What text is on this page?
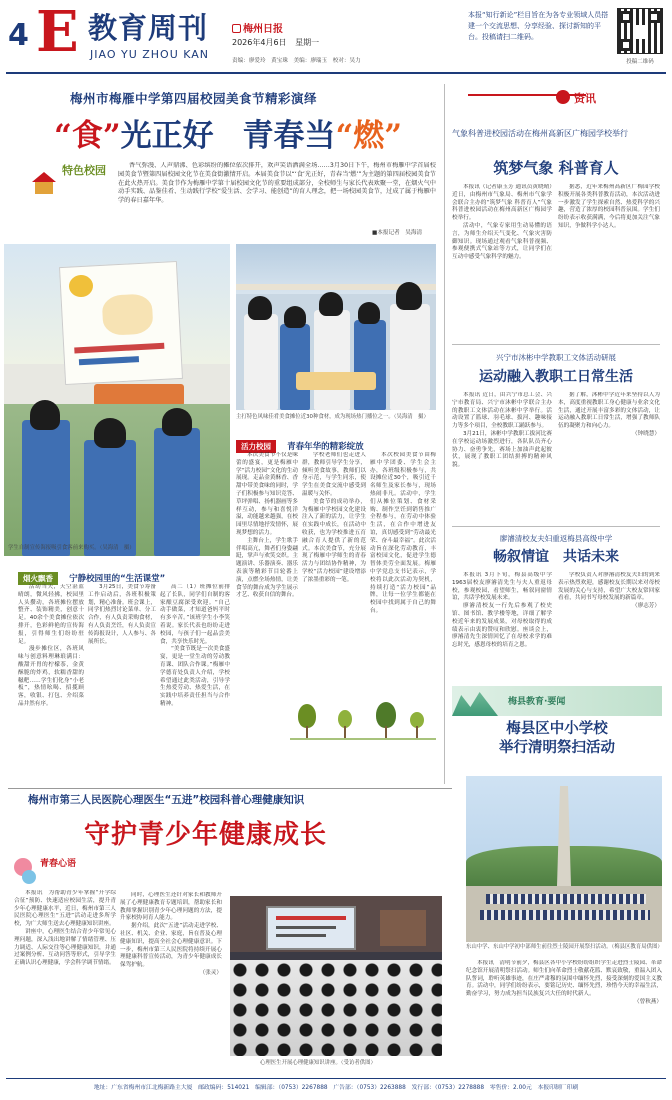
4 E 教育周刊
JIAO YU ZHOU KAN
梅州日报
2026年4月6日 星期一
责编：廖爱玲　黄宝珠　美编：廖瑞玉　校对：吴力
本报“知行新论”栏目旨在为各专业领域人员搭建一个交流思想、分享经验、探讨新知的平台。投稿请扫二维码。
投稿二维码
梅州市梅雁中学第四届校园美食节精彩演绎
“食”光正好 青春当“燃”
特色校园	香气弥漫、人声鼎沸、色彩缤纷的摊位依次排开，欢声笑语洒满全场……3月30日下午，梅州市梅雁中学首届校园美食节暨第四届校园文化节在美食街激情开启。本届美食节以“‘食’光正好，青春当‘燃’”为主题的第四届校园美食节在此火热开启。美食节作为梅雁中学第十届校园文化节的重要组成部分，全校师生与家长代表欢聚一堂，在烟火气中动手实践、品鉴佳肴、生动践行学校“爱生活、会学习、能创造”的育人理念，把一场校园美食节，过成了属于梅雁中学的春日嘉年华。

■本报记者　吴海清
学生自制宣传海报吸引食客前来购买。（吴海清　摄）
主打特色风味佳肴美食摊位近30种食材，成为现场热门播位之一。（吴海清　摄）
活力校园 青春年华的精彩绽放

本次美食节不仅是味蕾的盛宴，更是梅雁中学“活力校园”文化的生动展现。走品金黄酥香、香甜中带美食味的同时，学子们积极参与知识竞答、草坪弹唱、扬机器画等多样互动，参与和喜悦洋溢，动能越来越强，在校园里尽情地抒发情怀，展现梦想的活力。

主舞台上，学生歌手伴唱高亢，舞者们身姿翩跹，掌声与欢笑交织。主题演讲、乐器演奏、器乐表演等精彩节目轮番上演，点燃全场热情，让美食节的舞台成为学生展示才艺、收获自信的舞台。

学校老师们也走进人群，教师引导学生分享，倾听美食故事，教师们以身示范，与学生同乐，使学生在美食交流中感受到温暖与关怀。

美食节的成功举办，为梅雁中学校园文化建设注入了新的活力，让学生在实践中成长，在活动中收获，也为学校推进五育融合育人提供了新的范式。本次美食节，充分展现了梅雁中学师生的青春活力与团结协作精神，为学校“活力校园”建设增添了浓墨重彩的一笔。

本次校园美食节由梅雁中学团委、学生会主办，各班级积极参与，共设摊位近30个，吸引近千名师生及家长参与，现场热闹非凡。活动中，学生们从摊位策划、食材采购、制作烹饪到销售推广全程参与，在劳动中体验生活，在合作中增进友谊，真切感受到“劳动最光荣、奋斗最幸福”。此次活动旨在深化劳动教育，丰富校园文化，促进学生德智体美劳全面发展。梅雁中学党总支书记表示，学校将以此次活动为契机，持续打造“活力校园”品牌，让每一位学生都能在校园中找到属于自己的舞台。

烟火飘香 宁静校园里的“生活课堂”

活动当天，天空湛蓝晴朗，微风轻拂，校园里人头攒动，各班摊位摆放整齐、装饰精美，创意十足。40余个美食摊位依次排开，色彩鲜艳的宣传海报，引得师生们纷纷驻足。

漫步摊位区，各班风味与创意料理琳琅满目：酸甜开胃的柠檬茶，金黄酥脆的炸鸡，软糯香甜的糍粑……学生们化身“小老板”，热情吆喝、招揽顾客，收银、打包、介绍菜品井然有序。

3月25日，美食节筹备工作启动后，各班积极策划，精心准备。班会课上，同学们热烈讨论菜单、分工合作，有人负责采购食材，有人负责烹饪，有人负责宣传海报设计，人人参与、各展所长。

高二（1）班摊位前排起了长队，同学们自制的客家酿豆腐深受欢迎。“自己动手做菜，才知道爸妈平时有多辛苦。”该班学生小李笑着说。家长代表也纷纷走进校园，与孩子们一起品尝美食，共享快乐时光。

“美食节既是一次美食盛宴，更是一堂生动的劳动教育课、团队合作课。”梅雁中学德育处负责人介绍，学校希望通过此类活动，引导学生热爱劳动、热爱生活，在实践中培养责任担当与合作精神。

资讯
气象科普进校园活动在梅州高新区广梅园学校举行
筑梦气象 科普育人

本报讯（记者康玉芳 通讯员黄晓晴）近日，由梅州市气象局、梅州市气象学会联合主办的“筑梦气象 科普育人”气象科普进校园活动在梅州高新区广梅园学校举行。

活动中，气象专家用生动易懂的语言，为师生介绍天气变化、气象灾害防御知识。现场通过观看气象科普视频、参观便携式气象站等方式，让同学们在互动中感受气象科学的魅力。

据悉，近年来梅州高新区广梅园学校积极开展各类科普教育活动，本次活动进一步激发了学生探索自然、热爱科学的兴趣，营造了浓厚的校园科普氛围。学生们纷纷表示收获满满，今后将更加关注气象知识，争做科学小达人。

兴宁市沐彬中学教职工文体活动研展
运动融入教职工日常生活

本报讯 近日，由兴宁市总工会、兴宁市教育局、兴宁市沐彬中学联合主办的教职工文体活动在沐彬中学举行。活动设置了篮球、羽毛球、拔河、趣味接力等多个项目，全校教职工踊跃参与。

3月21日，沐彬中学教职工拔河比赛在学校运动场激烈进行，各队队员齐心协力、奋勇争先，赛场上加油声此起彼伏，展现了教职工团结拼搏的精神风貌。

据了解，沐彬中学近年来坚持以人为本，高度重视教职工身心健康与业余文化生活，通过开展丰富多彩的文体活动，让运动融入教职工日常生活，增强了教师队伍的凝聚力和向心力。

（钟晓慧）
廖濬清校友夫妇重返梅县高级中学
畅叙情谊　共话未来

本报讯 3月下旬，梅县高级中学1963届校友廖濬清先生与夫人重返母校，参观校园，看望师生，畅叙同窗情谊，共话学校发展未来。

廖濬清校友一行先后参观了校史馆、图书馆、教学楼等地，详细了解学校近年来的发展成果，对母校取得的成绩表示由衷的赞叹和欣慰。座谈会上，廖濬清先生深情回忆了在母校求学的难忘时光，感恩母校的培育之恩。

学校负责人对廖濬清校友夫妇的到来表示热烈欢迎，感谢校友长期以来对母校发展的关心与支持，希望广大校友常回家看看，共同书写母校发展的新篇章。

（廖志芳）
梅县教育·要闻
梅县区中小学校
举行清明祭扫活动
东山中学、东山中学初中部师生前往烈士陵园开展祭扫活动。（梅县区教育局供图）

本报讯　清明节前夕，梅县区各中小学校纷纷组织学生走进烈士陵园、革命纪念馆开展清明祭扫活动。师生们向革命烈士敬献花篮、默哀致敬，重温入团入队誓词，聆听英雄事迹，在庄严肃穆的氛围中缅怀先烈，接受深刻的爱国主义教育。活动中，同学们纷纷表示，要铭记历史、缅怀先烈，珍惜今天的幸福生活，勤奋学习，努力成为担当民族复兴大任的时代新人。

（曾秋燕）
梅州市第三人民医院心理医生“五进”校园科普心理健康知识
守护青少年健康成长
青春心语

本报讯　为帮助青少年掌握“开学综合征”预防、快速适应校园生活，提升青少年心理健康水平，近日，梅州市第三人民医院心理医生“五进”活动走进多所学校，为广大师生送去心理健康知识讲座。

讲座中，心理医生结合青少年常见心理问题，深入浅出地讲解了情绪管理、压力调适、人际交往等心理健康知识，并通过案例分析、互动问答等形式，引导学生正确认识心理健康，学会科学调节情绪。

同时，心理医生还针对家长和教师开展了心理健康教育专题培训，帮助家长和教师掌握识别青少年心理问题的方法，提升家校协同育人能力。

据介绍，此次“五进”活动走进学校、社区、机关、企业、家庭，旨在普及心理健康知识，提高全社会心理健康意识。下一步，梅州市第三人民医院将持续开展心理健康科普宣传活动，为青少年健康成长保驾护航。

（张灵）
心理医生开展心理健康知识讲座。（受访者供图）
地址：广东省梅州市江北梅新路主大厦　邮政编码：514021　编辑部：（0753）2267888　广告部：（0753）2263888　发行部：（0753）2278888　零售价：2.00元　本报印制厂印刷
